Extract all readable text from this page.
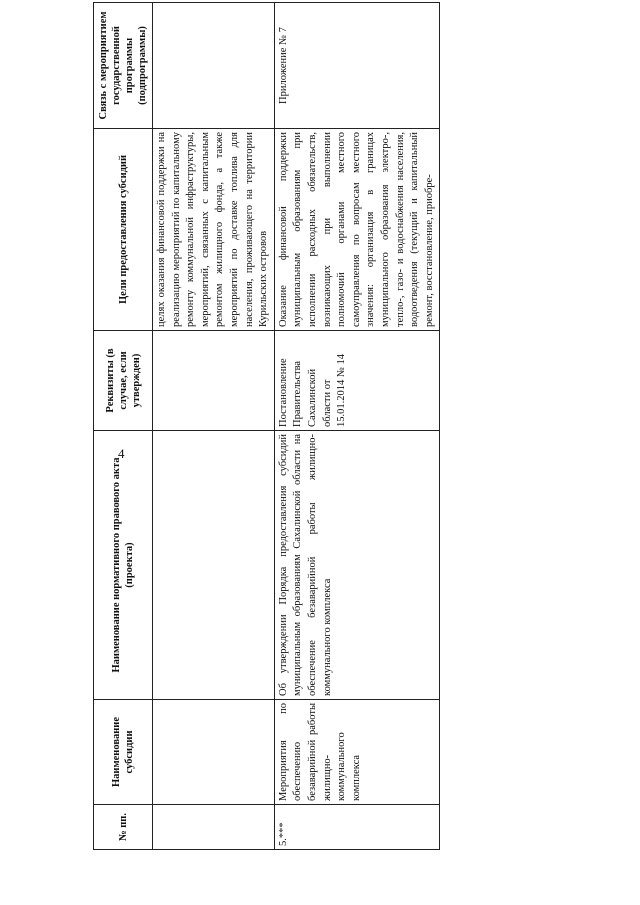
4
№ пп.	Наименование субсидии	Наименование нормативного правового акта (проекта)	Реквизиты (в случае, если утвержден)	Цели предоставления субсидий	Связь с мероприятием государственной программы (подпрограммы)
				целях оказания финансовой поддержки на реализацию мероприятий по капитальному ремонту коммунальной инфраструктуры, мероприятий, связанных с капитальным ремонтом жилищного фонда, а также мероприятий по доставке топлива для населения, проживающего на территории Курильских островов	
5.***	Мероприятия по обеспечению безаварийной работы жилищно-коммунального комплекса	Об утверждении Порядка предоставления субсидий муниципальным образованиям Сахалинской области на обеспечение безаварийной работы жилищно-коммунального комплекса	Постановление Правительства Сахалинской области от 15.01.2014 № 14	Оказание финансовой поддержки муниципальным образованиям при исполнении расходных обязательств, возникающих при выполнении полномочий органами местного самоуправления по вопросам местного значения: организация в границах муниципального образования электро-, тепло-, газо- и водоснабжения населения, водоотведения (текущий и капитальный ремонт, восстановление, приобре-	Приложение № 7
